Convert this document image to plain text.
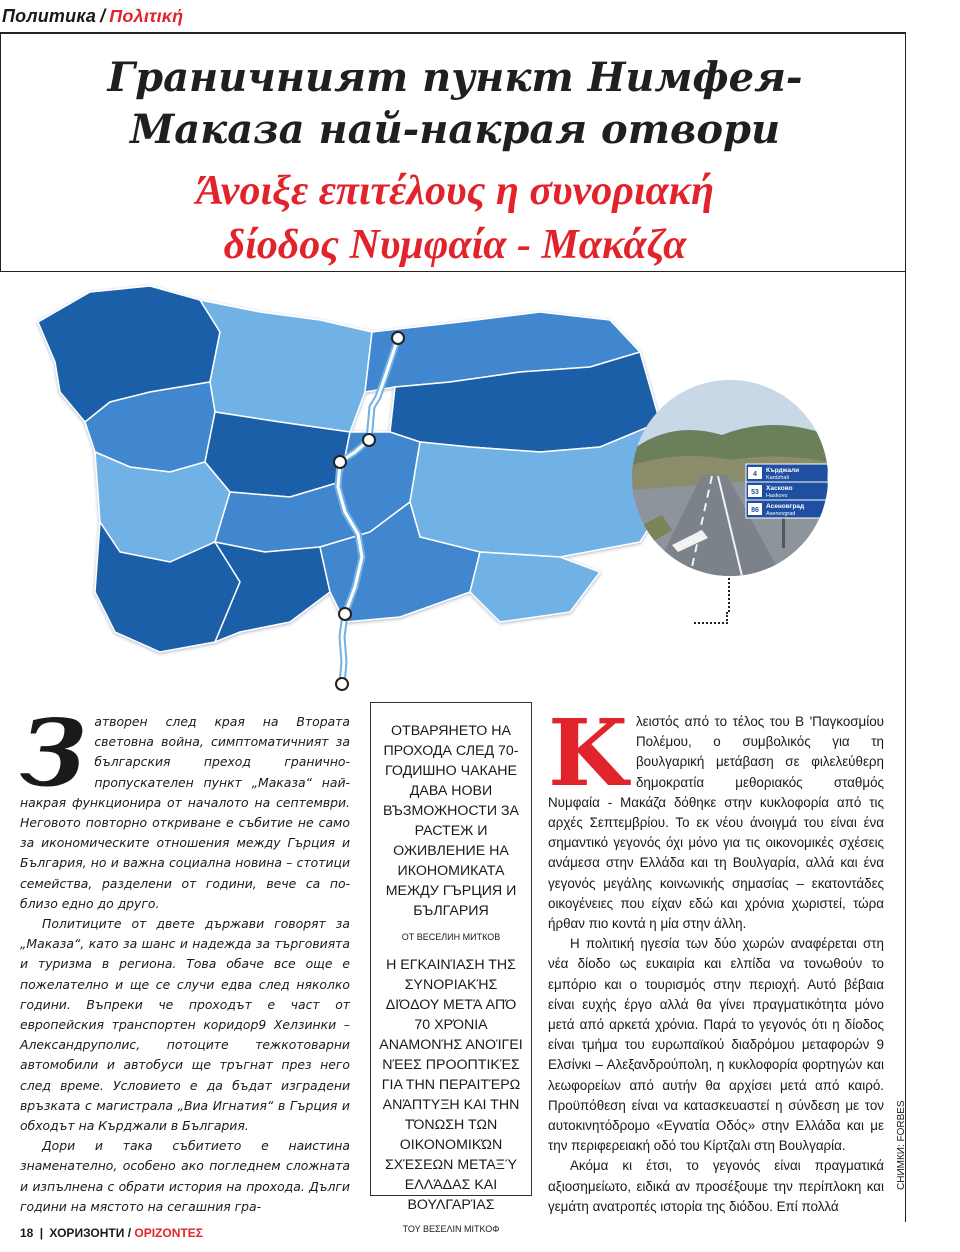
Политика / Πολιτική
Граничният пункт Нимфея-
Маказа най-накрая отвори
Άνοιξε επιτέλους η συνοριακή
δίοδος Νυμφαία - Μακάζα
4
53
86
Кърджали
Kardzhali
Хасково
Haskovo
Асеновград
Asenovgrad
З атворен след края на Втората световна война, симптоматичният за българския преход гранично-пропускателен пункт „Маказа“ най-накрая функционира от началото на септември. Неговото повторно откриване е събитие не само за икономическите отношения между Гърция и България, но и важна социална новина – стотици семейства, разделени от години, вече са по-близо едно до друго.

Политиците от двете държави говорят за „Маказа“, като за шанс и надежда за търговията и туризма в региона. Това обаче все още е пожелателно и ще се случи едва след няколко години. Въпреки че проходът е част от европейския транспортен коридор9 Хелзинки – Александруполис, потоците тежкотоварни автомобили и автобуси ще тръгнат през него след време. Условието е да бъдат изградени връзката с магистрала „Виа Игнатия“ в Гърция и обходът на Кърджали в България.

Дори и така събитието е наистина знаменателно, особено ако погледнем сложната и изпълнена с обрати история на прохода. Дълги години на мястото на сегашния гра-

ОТВАРЯНЕТО НА ПРОХОДА СЛЕД 70-ГОДИШНО ЧАКАНЕ ДАВА НОВИ ВЪЗМОЖНОСТИ ЗА РАСТЕЖ И ОЖИВЛЕНИЕ НА ИКОНОМИКАТА МЕЖДУ ГЪРЦИЯ И БЪЛГАРИЯ
ОТ ВЕСЕЛИН МИТКОВ
Η ΕΓΚΑΙΝΊΑΣΗ ΤΗΣ ΣΥΝΟΡΙΑΚΉΣ ΔΙΌΔΟΥ ΜΕΤΆ ΑΠΌ 70 ΧΡΌΝΙΑ ΑΝΑΜΟΝΉΣ ΑΝΟΊΓΕΙ ΝΈΕΣ ΠΡΟΟΠΤΙΚΈΣ ΓΙΑ ΤΗΝ ΠΕΡΑΙΤΈΡΩ ΑΝΆΠΤΥΞΗ ΚΑΙ ΤΗΝ ΤΌΝΩΣΗ ΤΩΝ ΟΙΚΟΝΟΜΙΚΏΝ ΣΧΈΣΕΩΝ ΜΕΤΑΞΎ ΕΛΛΆΔΑΣ ΚΑΙ ΒΟΥΛΓΑΡΊΑΣ
ΤΟΥ ΒΕΣΕΛΙΝ ΜΙΤΚΟΦ
Κ λειστός από το τέλος του Β 'Παγκοσμίου Πολέμου, ο συμβολικός για τη βουλγαρική μετάβαση σε φιλελεύθερη δημοκρατία μεθοριακός σταθμός Νυμφαία - Μακάζα δόθηκε στην κυκλοφορία από τις αρχές Σεπτεμβρίου. Το εκ νέου άνοιγμά του είναι ένα σημαντικό γεγονός όχι μόνο για τις οικονομικές σχέσεις ανάμεσα στην Ελλάδα και τη Βουλγαρία, αλλά και ένα γεγονός μεγάλης κοινωνικής σημασίας – εκατοντάδες οικογένειες που είχαν εδώ και χρόνια χωριστεί, τώρα ήρθαν πιο κοντά η μία στην άλλη.

Η πολιτική ηγεσία των δύο χωρών αναφέρεται στη νέα δίοδο ως ευκαιρία και ελπίδα να τονωθούν το εμπόριο και ο τουρισμός στην περιοχή. Αυτό βέβαια είναι ευχής έργο αλλά θα γίνει πραγματικότητα μόνο μετά από αρκετά χρόνια. Παρά το γεγονός ότι η δίοδος είναι τμήμα του ευρωπαϊκού διαδρόμου μεταφορών 9 Ελσίνκι – Αλεξανδρούπολη, η κυκλοφορία φορτηγών και λεωφορείων από αυτήν θα αρχίσει μετά από καιρό. Προϋπόθεση είναι να κατασκευαστεί η σύνδεση με τον αυτοκινητόδρομο «Εγνατία Οδός» στην Ελλάδα και με την περιφερειακή οδό του Κίρτζαλι στη Βουλγαρία.

Ακόμα κι έτσι, το γεγονός είναι πραγματικά αξιοσημείωτο, ειδικά αν προσέξουμε την περίπλοκη και γεμάτη ανατροπές ιστορία της διόδου. Επί πολλά

СНИМКИ: FORBES
18 | ХОРИЗОНТИ / ΟΡΙΖΟΝΤΕΣ
